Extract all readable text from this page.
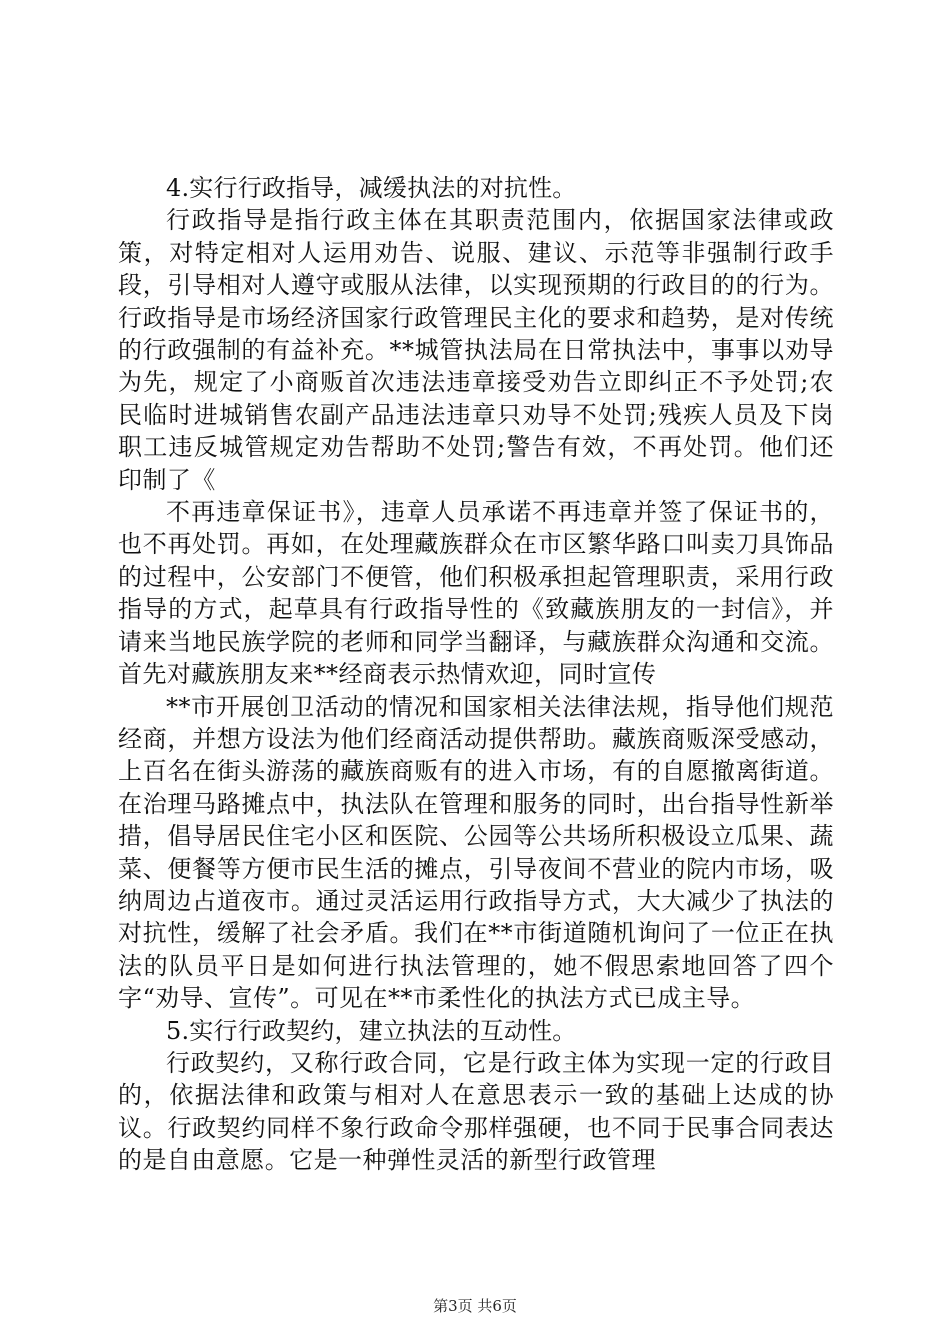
4.实行行政指导，减缓执法的对抗性。

行政指导是指行政主体在其职责范围内，依据国家法律或政策，对特定相对人运用劝告、说服、建议、示范等非强制行政手段，引导相对人遵守或服从法律，以实现预期的行政目的的行为。行政指导是市场经济国家行政管理民主化的要求和趋势，是对传统的行政强制的有益补充。**城管执法局在日常执法中，事事以劝导为先，规定了小商贩首次违法违章接受劝告立即纠正不予处罚;农民临时进城销售农副产品违法违章只劝导不处罚;残疾人员及下岗职工违反城管规定劝告帮助不处罚;警告有效，不再处罚。他们还印制了《

不再违章保证书》，违章人员承诺不再违章并签了保证书的，也不再处罚。再如，在处理藏族群众在市区繁华路口叫卖刀具饰品的过程中，公安部门不便管，他们积极承担起管理职责，采用行政指导的方式，起草具有行政指导性的《致藏族朋友的一封信》，并请来当地民族学院的老师和同学当翻译，与藏族群众沟通和交流。首先对藏族朋友来**经商表示热情欢迎，同时宣传

**市开展创卫活动的情况和国家相关法律法规，指导他们规范经商，并想方设法为他们经商活动提供帮助。藏族商贩深受感动，上百名在街头游荡的藏族商贩有的进入市场，有的自愿撤离街道。在治理马路摊点中，执法队在管理和服务的同时，出台指导性新举措，倡导居民住宅小区和医院、公园等公共场所积极设立瓜果、蔬菜、便餐等方便市民生活的摊点，引导夜间不营业的院内市场，吸纳周边占道夜市。通过灵活运用行政指导方式，大大减少了执法的对抗性，缓解了社会矛盾。我们在**市街道随机询问了一位正在执法的队员平日是如何进行执法管理的，她不假思索地回答了四个字“劝导、宣传”。可见在**市柔性化的执法方式已成主导。

5.实行行政契约，建立执法的互动性。

行政契约，又称行政合同，它是行政主体为实现一定的行政目的，依据法律和政策与相对人在意思表示一致的基础上达成的协议。行政契约同样不象行政命令那样强硬，也不同于民事合同表达的是自由意愿。它是一种弹性灵活的新型行政管理

第3页 共6页
